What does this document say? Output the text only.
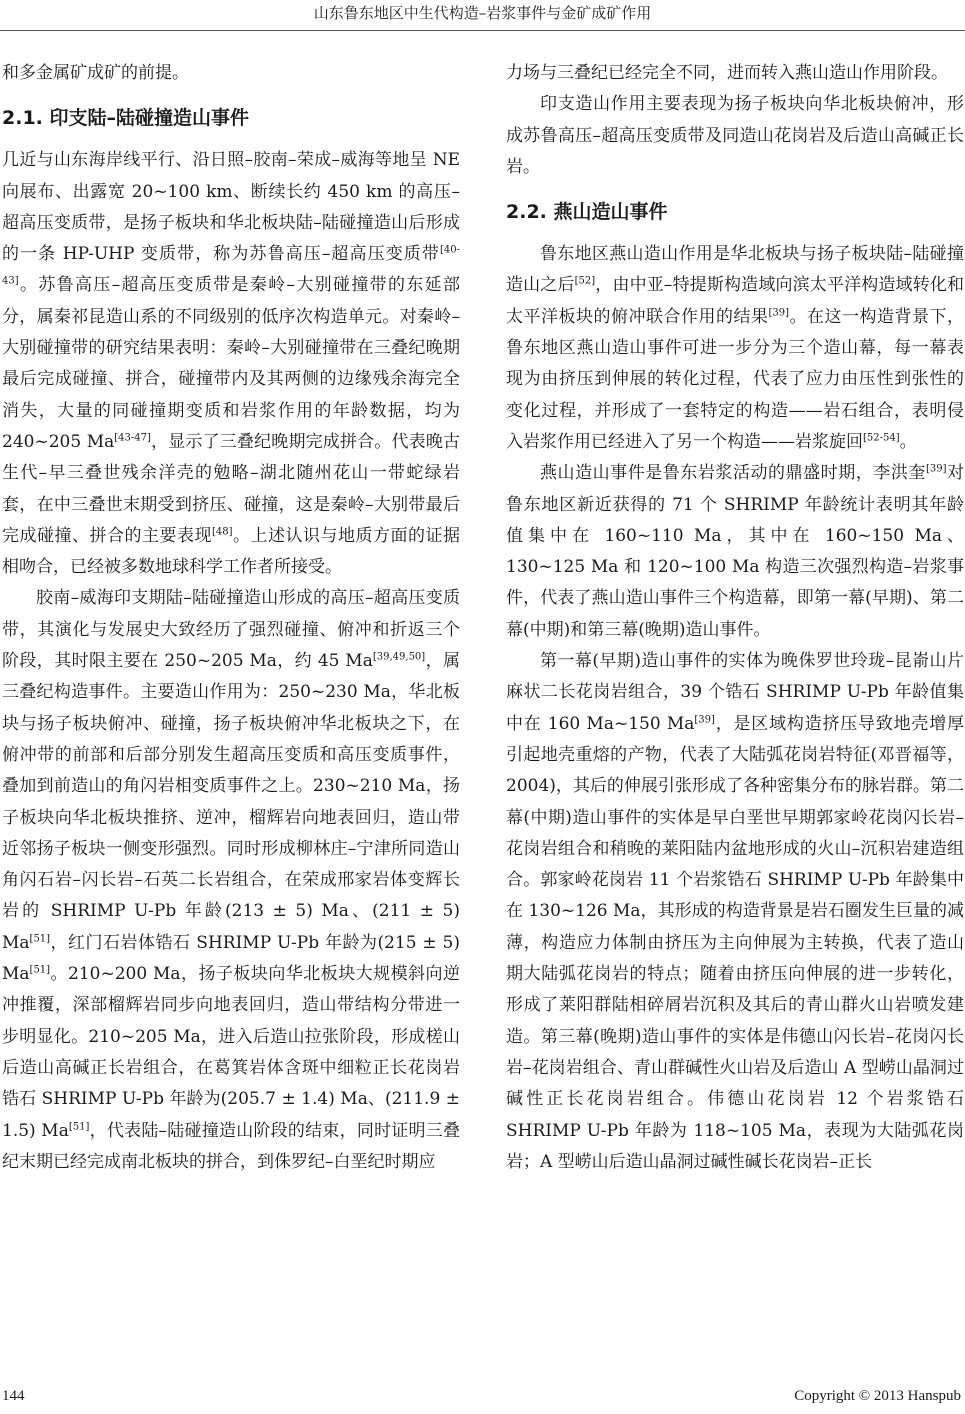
山东鲁东地区中生代构造–岩浆事件与金矿成矿作用

和多金属矿成矿的前提。

2.1. 印支陆–陆碰撞造山事件

几近与山东海岸线平行、沿日照–胶南–荣成–威海等地呈 NE 向展布、出露宽 20~100 km、断续长约 450 km 的高压–超高压变质带，是扬子板块和华北板块陆–陆碰撞造山后形成的一条 HP-UHP 变质带，称为苏鲁高压–超高压变质带[40-43]。苏鲁高压–超高压变质带是秦岭–大别碰撞带的东延部分，属秦祁昆造山系的不同级别的低序次构造单元。对秦岭–大别碰撞带的研究结果表明：秦岭–大别碰撞带在三叠纪晚期最后完成碰撞、拼合，碰撞带内及其两侧的边缘残余海完全消失，大量的同碰撞期变质和岩浆作用的年龄数据，均为 240~205 Ma[43-47]，显示了三叠纪晚期完成拼合。代表晚古生代–早三叠世残余洋壳的勉略–湖北随州花山一带蛇绿岩套，在中三叠世末期受到挤压、碰撞，这是秦岭–大别带最后完成碰撞、拼合的主要表现[48]。上述认识与地质方面的证据相吻合，已经被多数地球科学工作者所接受。

胶南–威海印支期陆–陆碰撞造山形成的高压–超高压变质带，其演化与发展史大致经历了强烈碰撞、俯冲和折返三个阶段，其时限主要在 250~205 Ma，约 45 Ma[39,49,50]，属三叠纪构造事件。主要造山作用为：250~230 Ma，华北板块与扬子板块俯冲、碰撞，扬子板块俯冲华北板块之下，在俯冲带的前部和后部分别发生超高压变质和高压变质事件，叠加到前造山的角闪岩相变质事件之上。230~210 Ma，扬子板块向华北板块推挤、逆冲，榴辉岩向地表回归，造山带近邻扬子板块一侧变形强烈。同时形成柳林庄–宁津所同造山角闪石岩–闪长岩–石英二长岩组合，在荣成邢家岩体变辉长岩的 SHRIMP U-Pb 年龄(213 ± 5) Ma、(211 ± 5) Ma[51]，红门石岩体锆石 SHRIMP U-Pb 年龄为(215 ± 5) Ma[51]。210~200 Ma，扬子板块向华北板块大规模斜向逆冲推覆，深部榴辉岩同步向地表回归，造山带结构分带进一步明显化。210~205 Ma，进入后造山拉张阶段，形成槎山后造山高碱正长岩组合，在葛箕岩体含斑中细粒正长花岗岩锆石 SHRIMP U-Pb 年龄为(205.7 ± 1.4) Ma、(211.9 ± 1.5) Ma[51]，代表陆–陆碰撞造山阶段的结束，同时证明三叠纪末期已经完成南北板块的拼合，到侏罗纪–白垩纪时期应

力场与三叠纪已经完全不同，进而转入燕山造山作用阶段。

印支造山作用主要表现为扬子板块向华北板块俯冲，形成苏鲁高压–超高压变质带及同造山花岗岩及后造山高碱正长岩。

2.2. 燕山造山事件

鲁东地区燕山造山作用是华北板块与扬子板块陆–陆碰撞造山之后[52]，由中亚–特提斯构造域向滨太平洋构造域转化和太平洋板块的俯冲联合作用的结果[39]。在这一构造背景下，鲁东地区燕山造山事件可进一步分为三个造山幕，每一幕表现为由挤压到伸展的转化过程，代表了应力由压性到张性的变化过程，并形成了一套特定的构造——岩石组合，表明侵入岩浆作用已经进入了另一个构造——岩浆旋回[52-54]。

燕山造山事件是鲁东岩浆活动的鼎盛时期，李洪奎[39]对鲁东地区新近获得的 71 个 SHRIMP 年龄统计表明其年龄值集中在 160~110 Ma，其中在 160~150 Ma、130~125 Ma 和 120~100 Ma 构造三次强烈构造–岩浆事件，代表了燕山造山事件三个构造幕，即第一幕(早期)、第二幕(中期)和第三幕(晚期)造山事件。

第一幕(早期)造山事件的实体为晚侏罗世玲珑–昆嵛山片麻状二长花岗岩组合，39 个锆石 SHRIMP U-Pb 年龄值集中在 160 Ma~150 Ma[39]，是区域构造挤压导致地壳增厚引起地壳重熔的产物，代表了大陆弧花岗岩特征(邓晋福等，2004)，其后的伸展引张形成了各种密集分布的脉岩群。第二幕(中期)造山事件的实体是早白垩世早期郭家岭花岗闪长岩–花岗岩组合和稍晚的莱阳陆内盆地形成的火山–沉积岩建造组合。郭家岭花岗岩 11 个岩浆锆石 SHRIMP U-Pb 年龄集中在 130~126 Ma，其形成的构造背景是岩石圈发生巨量的减薄，构造应力体制由挤压为主向伸展为主转换，代表了造山期大陆弧花岗岩的特点；随着由挤压向伸展的进一步转化，形成了莱阳群陆相碎屑岩沉积及其后的青山群火山岩喷发建造。第三幕(晚期)造山事件的实体是伟德山闪长岩–花岗闪长岩–花岗岩组合、青山群碱性火山岩及后造山 A 型崂山晶洞过碱性正长花岗岩组合。伟德山花岗岩 12 个岩浆锆石 SHRIMP U-Pb 年龄为 118~105 Ma，表现为大陆弧花岗岩；A 型崂山后造山晶洞过碱性碱长花岗岩–正长

144	Copyright © 2013 Hanspub
